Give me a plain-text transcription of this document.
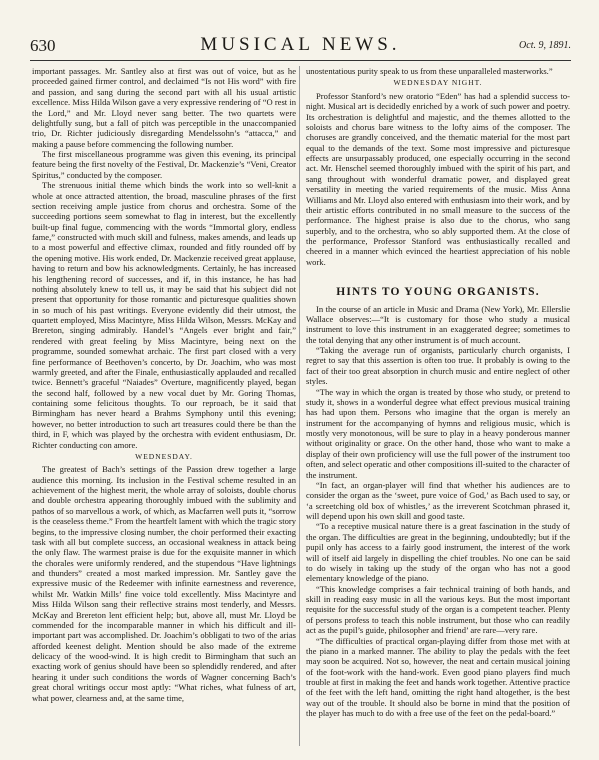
630	MUSICAL NEWS.	Oct. 9, 1891.

important passages. Mr. Santley also at first was out of voice, but as he proceeded gained firmer control, and declaimed “Is not His word” with fire and passion, and sang during the second part with all his usual artistic excellence. Miss Hilda Wilson gave a very expressive rendering of “O rest in the Lord,” and Mr. Lloyd never sang better. The two quartets were delightfully sung, but a fall of pitch was perceptible in the unaccompanied trio, Dr. Richter judiciously disregarding Mendelssohn’s “attacca,” and making a pause before commencing the following number.

The first miscellaneous programme was given this evening, its principal feature being the first novelty of the Festival, Dr. Mackenzie’s “Veni, Creator Spiritus,” conducted by the composer.

The strenuous initial theme which binds the work into so well-knit a whole at once attracted attention, the broad, masculine phrases of the first section receiving ample justice from chorus and orchestra. Some of the succeeding portions seem somewhat to flag in interest, but the excellently built-up final fugue, commencing with the words “Immortal glory, endless fame,” constructed with much skill and fulness, makes amends, and leads up to a most powerful and effective climax, rounded and fitly rounded off by the opening motive. His work ended, Dr. Mackenzie received great applause, having to return and bow his acknowledgments. Certainly, he has increased his lengthening record of successes, and if, in this instance, he has had nothing absolutely knew to tell us, it may be said that his subject did not present that opportunity for those romantic and picturesque qualities shown in so much of his past writings. Everyone evidently did their utmost, the quartett employed, Miss Macintyre, Miss Hilda Wilson, Messrs. McKay and Brereton, singing admirably. Handel’s “Angels ever bright and fair,” rendered with great feeling by Miss Macintyre, being next on the programme, sounded somewhat archaic. The first part closed with a very fine performance of Beethoven’s concerto, by Dr. Joachim, who was most warmly greeted, and after the Finale, enthusiastically applauded and recalled twice. Bennett’s graceful “Naiades” Overture, magnificently played, began the second half, followed by a new vocal duet by Mr. Goring Thomas, containing some felicitous thoughts. To our reproach, be it said that Birmingham has never heard a Brahms Symphony until this evening; however, no better introduction to such art treasures could there be than the third, in F, which was played by the orchestra with evident enthusiasm, Dr. Richter conducting con amore.

WEDNESDAY.

The greatest of Bach’s settings of the Passion drew together a large audience this morning. Its inclusion in the Festival scheme resulted in an achievement of the highest merit, the whole array of soloists, double chorus and double orchestra appearing thoroughly imbued with the sublimity and pathos of so marvellous a work, of which, as Macfarren well puts it, “sorrow is the ceaseless theme.” From the heartfelt lament with which the tragic story begins, to the impressive closing number, the choir performed their exacting task with all but complete success, an occasional weakness in attack being the only flaw. The warmest praise is due for the exquisite manner in which the chorales were uniformly rendered, and the stupendous “Have lightnings and thunders” created a most marked impression. Mr. Santley gave the expressive music of the Redeemer with infinite earnestness and reverence, whilst Mr. Watkin Mills’ fine voice told excellently. Miss Macintyre and Miss Hilda Wilson sang their reflective strains most tenderly, and Messrs. McKay and Brereton lent efficient help; but, above all, must Mr. Lloyd be commended for the incomparable manner in which his difficult and ill-important part was accomplished. Dr. Joachim’s obbligati to two of the arias afforded keenest delight. Mention should be also made of the extreme delicacy of the wood-wind. It is high credit to Birmingham that such an exacting work of genius should have been so splendidly rendered, and after hearing it under such conditions the words of Wagner concerning Bach’s great choral writings occur most aptly: “What riches, what fulness of art, what power, clearness and, at the same time,

unostentatious purity speak to us from these unparalleled masterworks.”

WEDNESDAY NIGHT.

Professor Stanford’s new oratorio “Eden” has had a splendid success to-night. Musical art is decidedly enriched by a work of such power and poetry. Its orchestration is delightful and majestic, and the themes allotted to the soloists and chorus bare witness to the lofty aims of the composer. The choruses are grandly conceived, and the thematic material for the most part equal to the demands of the text. Some most impressive and picturesque effects are unsurpassably produced, one especially occurring in the second act. Mr. Henschel seemed thoroughly imbued with the spirit of his part, and sang throughout with wonderful dramatic power, and displayed great versatility in meeting the varied requirements of the music. Miss Anna Williams and Mr. Lloyd also entered with enthusiasm into their work, and by their artistic efforts contributed in no small measure to the success of the performance. The highest praise is also due to the chorus, who sang superbly, and to the orchestra, who so ably supported them. At the close of the performance, Professor Stanford was enthusiastically recalled and cheered in a manner which evinced the heartiest appreciation of his noble work.

HINTS TO YOUNG ORGANISTS.

In the course of an article in Music and Drama (New York), Mr. Ellerslie Wallace observes:—“It is customary for those who study a musical instrument to love this instrument in an exaggerated degree; sometimes to the total denying that any other instrument is of much account.

“Taking the average run of organists, particularly church organists, I regret to say that this assertion is often too true. It probably is owing to the fact of their too great absorption in church music and entire neglect of other styles.

“The way in which the organ is treated by those who study, or pretend to study it, shows in a wonderful degree what effect previous musical training has had upon them. Persons who imagine that the organ is merely an instrument for the accompanying of hymns and religious music, which is mostly very monotonous, will be sure to play in a heavy ponderous manner without originality or grace. On the other hand, those who want to make a display of their own proficiency will use the full power of the instrument too often, and select operatic and other compositions ill-suited to the character of the instrument.

“In fact, an organ-player will find that whether his audiences are to consider the organ as the ‘sweet, pure voice of God,’ as Bach used to say, or ‘a screetching old box of whistles,’ as the irreverent Scotchman phrased it, will depend upon his own skill and good taste.

“To a receptive musical nature there is a great fascination in the study of the organ. The difficulties are great in the beginning, undoubtedly; but if the pupil only has access to a fairly good instrument, the interest of the work will of itself aid largely in dispelling the chief troubles. No one can be said to do wisely in taking up the study of the organ who has not a good elementary knowledge of the piano.

“This knowledge comprises a fair technical training of both hands, and skill in reading easy music in all the various keys. But the most important requisite for the successful study of the organ is a competent teacher. Plenty of persons profess to teach this noble instrument, but those who can readily act as the pupil’s guide, philosopher and friend’ are rare—very rare.

“The difficulties of practical organ-playing differ from those met with at the piano in a marked manner. The ability to play the pedals with the feet may soon be acquired. Not so, however, the neat and certain musical joining of the foot-work with the hand-work. Even good piano players find much trouble at first in making the feet and hands work together. Attentive practice of the feet with the left hand, omitting the right hand altogether, is the best way out of the trouble. It should also be borne in mind that the position of the player has much to do with a free use of the feet on the pedal-board.”
